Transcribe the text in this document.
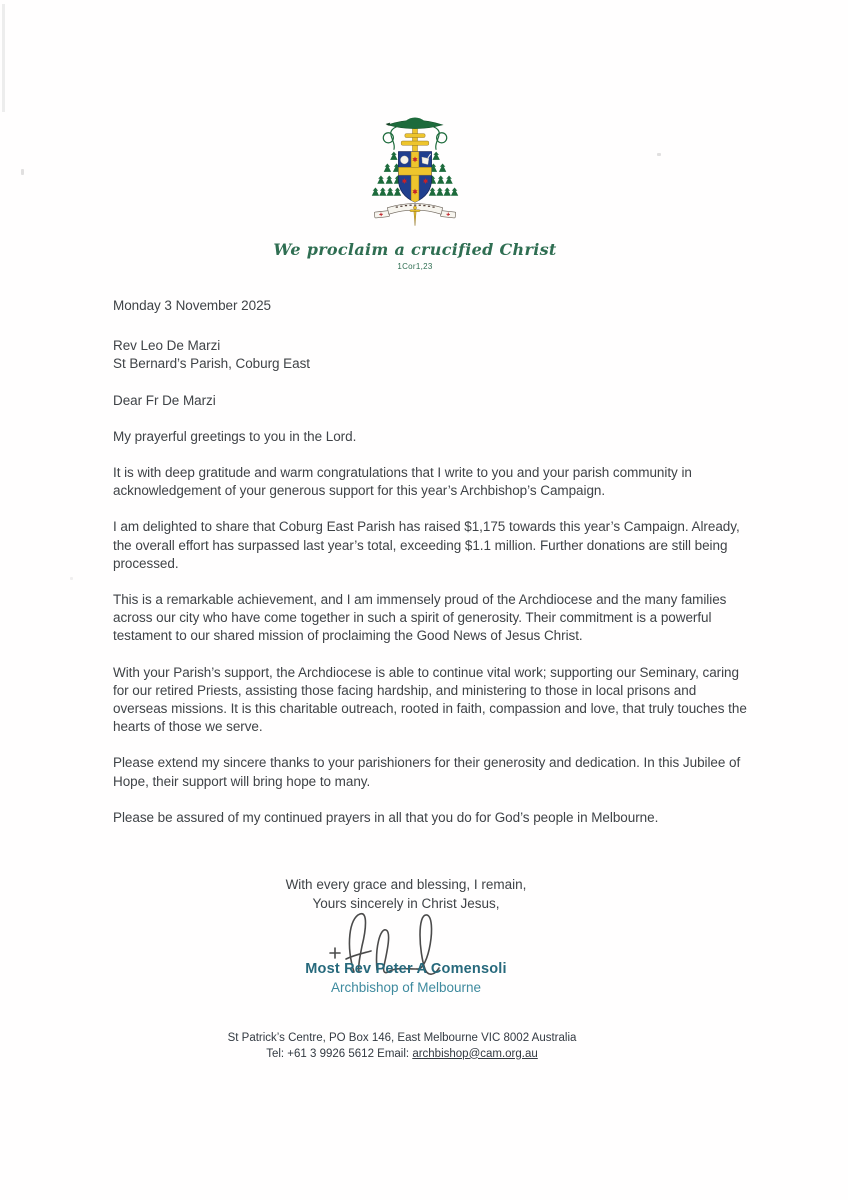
We proclaim a crucified Christ
1Cor1,23

Monday 3 November 2025

Rev Leo De Marzi
St Bernard’s Parish, Coburg East

Dear Fr De Marzi

My prayerful greetings to you in the Lord.

It is with deep gratitude and warm congratulations that I write to you and your parish community in acknowledgement of your generous support for this year’s Archbishop’s Campaign.

I am delighted to share that Coburg East Parish has raised $1,175 towards this year’s Campaign. Already, the overall effort has surpassed last year’s total, exceeding $1.1 million. Further donations are still being processed.

This is a remarkable achievement, and I am immensely proud of the Archdiocese and the many families across our city who have come together in such a spirit of generosity. Their commitment is a powerful testament to our shared mission of proclaiming the Good News of Jesus Christ.

With your Parish’s support, the Archdiocese is able to continue vital work; supporting our Seminary, caring for our retired Priests, assisting those facing hardship, and ministering to those in local prisons and overseas missions. It is this charitable outreach, rooted in faith, compassion and love, that truly touches the hearts of those we serve.

Please extend my sincere thanks to your parishioners for their generosity and dedication. In this Jubilee of Hope, their support will bring hope to many.

Please be assured of my continued prayers in all that you do for God’s people in Melbourne.

With every grace and blessing, I remain,
Yours sincerely in Christ Jesus,
Most Rev Peter A Comensoli
Archbishop of Melbourne
St Patrick’s Centre, PO Box 146, East Melbourne VIC 8002 Australia
Tel: +61 3 9926 5612 Email: archbishop@cam.org.au
